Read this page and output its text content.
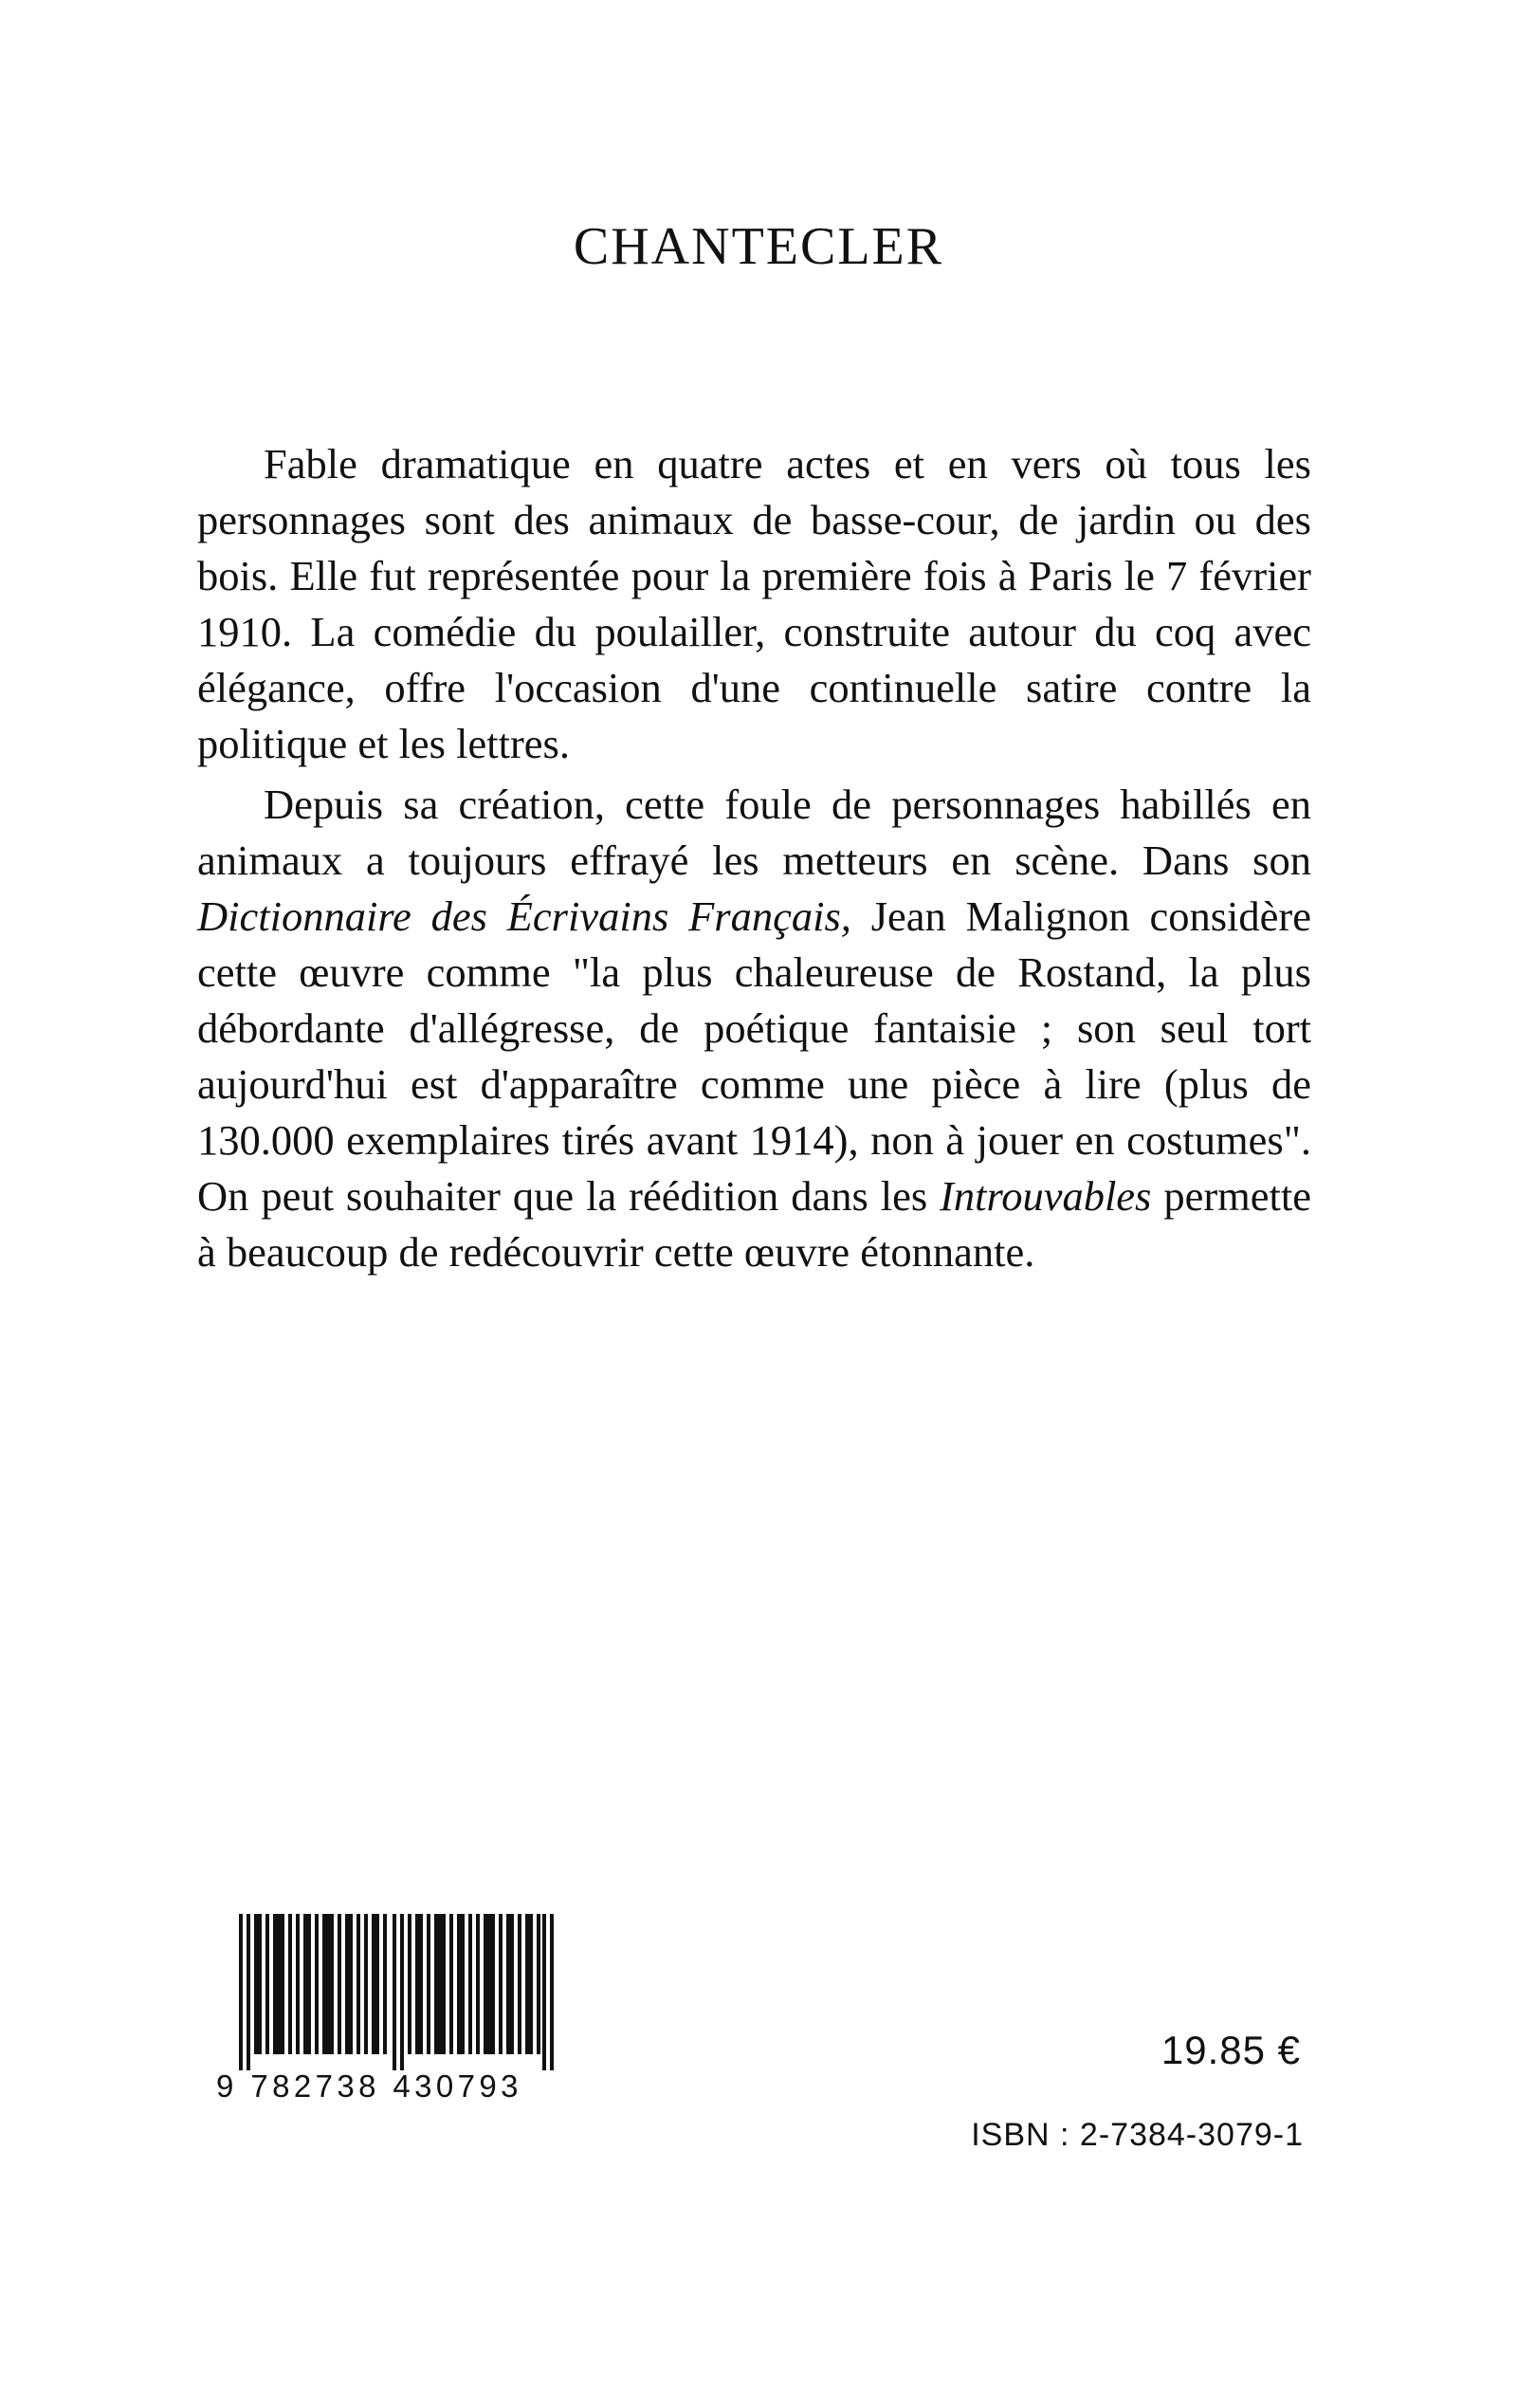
CHANTECLER

Fable dramatique en quatre actes et en vers où tous les personnages sont des animaux de basse-cour, de jardin ou des bois. Elle fut représentée pour la première fois à Paris le 7 février 1910. La comédie du poulailler, construite autour du coq avec élégance, offre l'occasion d'une continuelle satire contre la politique et les lettres.

Depuis sa création, cette foule de personnages habillés en animaux a toujours effrayé les metteurs en scène. Dans son Dictionnaire des Écrivains Français, Jean Malignon considère cette œuvre comme "la plus chaleureuse de Rostand, la plus débordante d'allégresse, de poétique fantaisie ; son seul tort aujourd'hui est d'apparaître comme une pièce à lire (plus de 130.000 exemplaires tirés avant 1914), non à jouer en costumes". On peut souhaiter que la réédition dans les Introuvables permette à beaucoup de redécouvrir cette œuvre étonnante.

9 782738 430793
19.85 €
ISBN : 2-7384-3079-1
